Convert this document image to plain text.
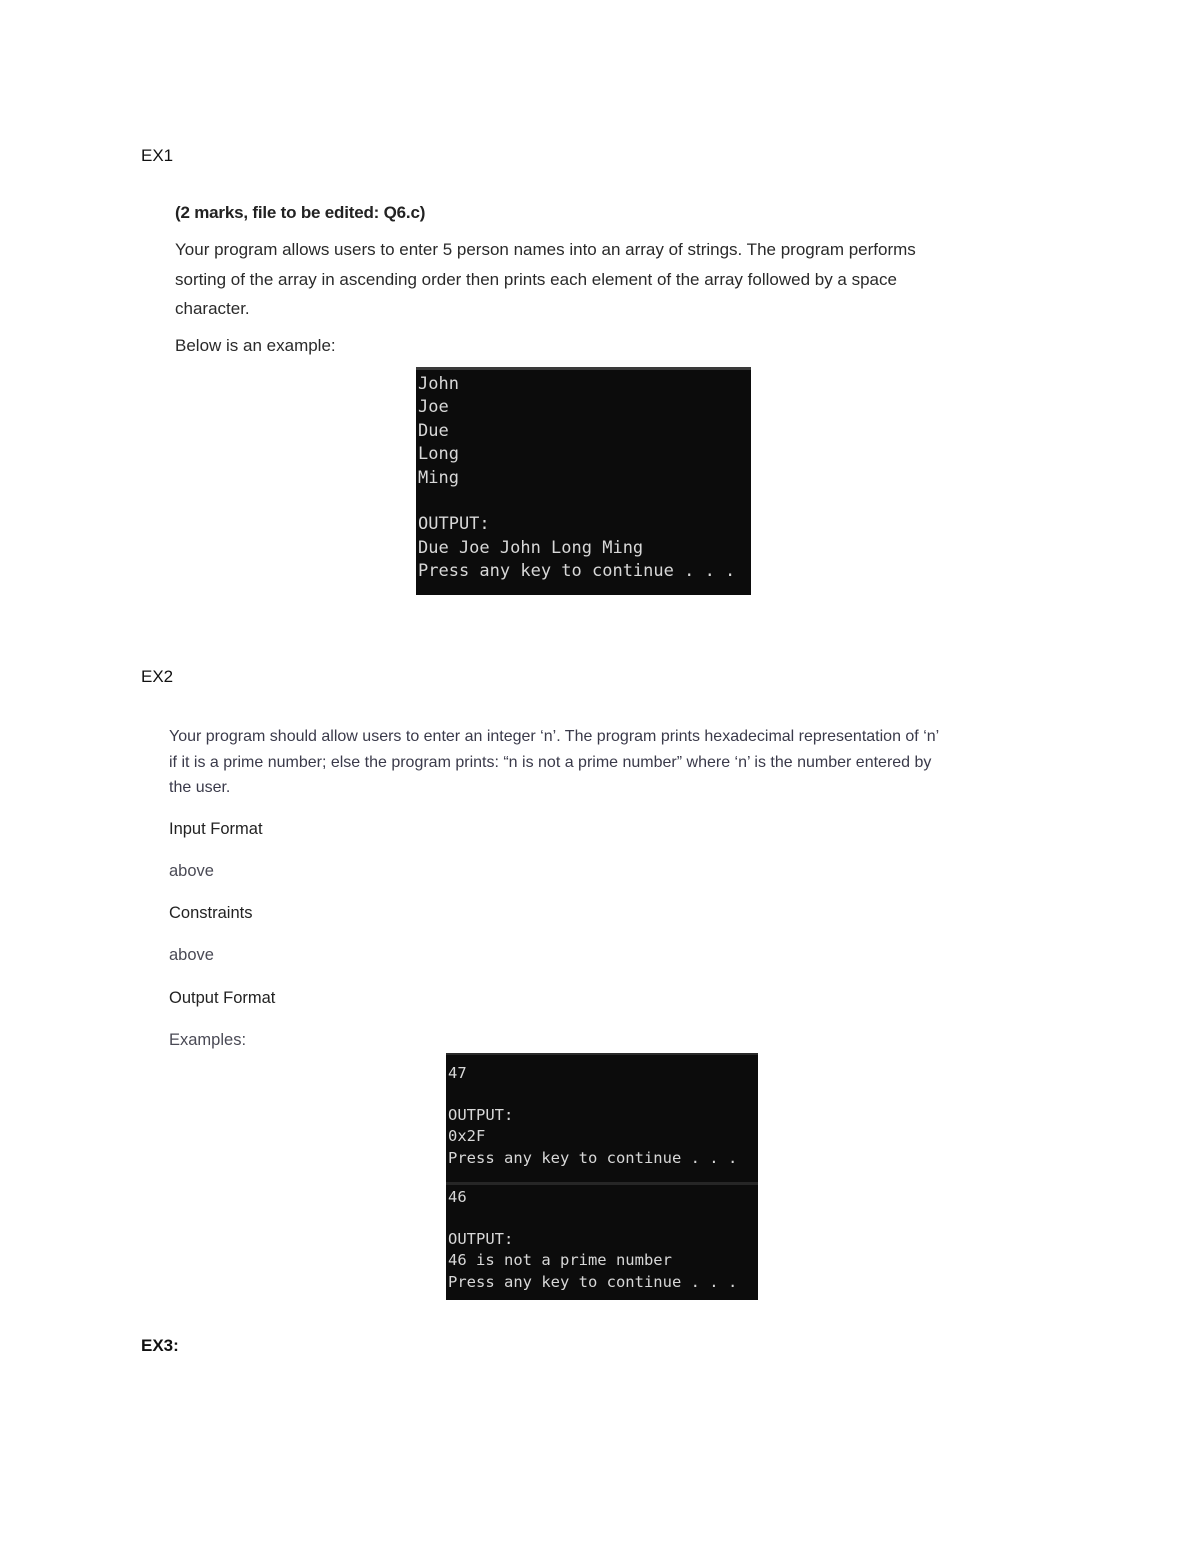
EX1
(2 marks, file to be edited: Q6.c)
Your program allows users to enter 5 person names into an array of strings. The program performs
sorting of the array in ascending order then prints each element of the array followed by a space
character.
Below is an example:
John
Joe
Due
Long
Ming
OUTPUT:
Due Joe John Long Ming
Press any key to continue . . .
EX2
Your program should allow users to enter an integer ‘n’. The program prints hexadecimal representation of ‘n’
if it is a prime number; else the program prints: “n is not a prime number” where ‘n’ is the number entered by
the user.
Input Format
above
Constraints
above
Output Format
Examples:
47
OUTPUT:
0x2F
Press any key to continue . . .
46
OUTPUT:
46 is not a prime number
Press any key to continue . . .
EX3:
